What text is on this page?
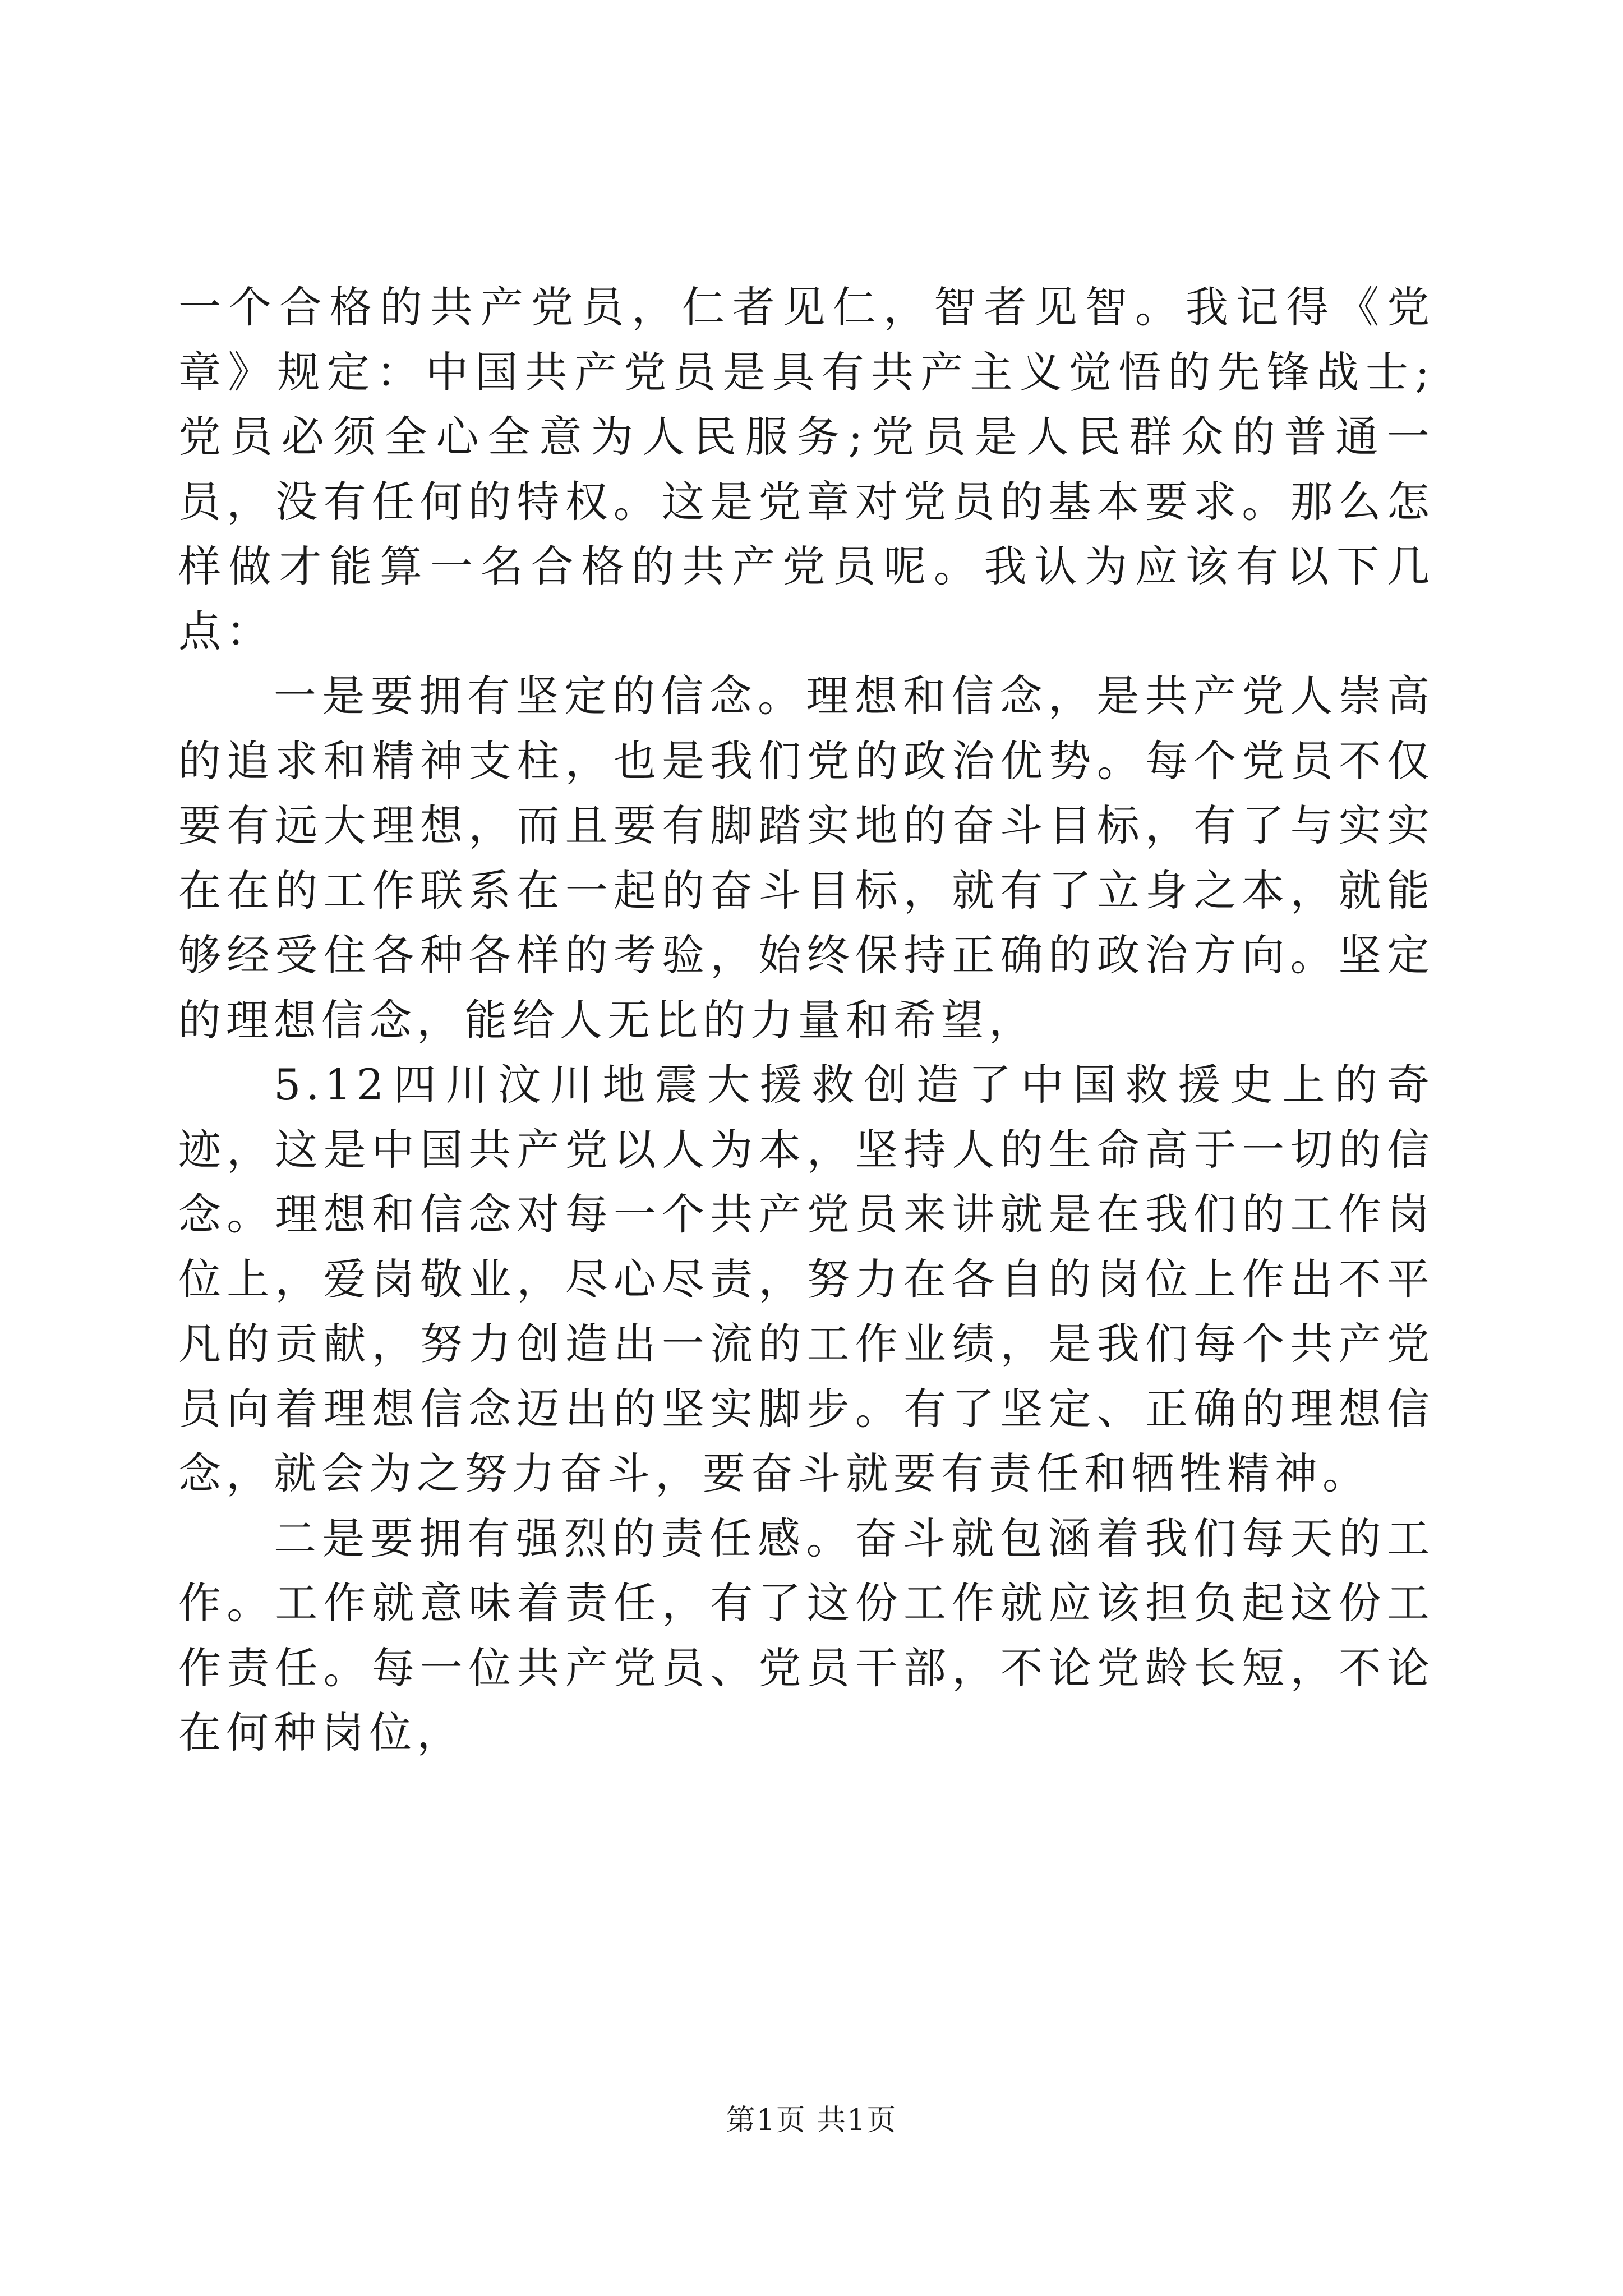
一个合格的共产党员，仁者见仁，智者见智。我记得《党章》规定：中国共产党员是具有共产主义觉悟的先锋战士;党员必须全心全意为人民服务;党员是人民群众的普通一员，没有任何的特权。这是党章对党员的基本要求。那么怎样做才能算一名合格的共产党员呢。我认为应该有以下几点：

一是要拥有坚定的信念。理想和信念，是共产党人崇高的追求和精神支柱，也是我们党的政治优势。每个党员不仅要有远大理想，而且要有脚踏实地的奋斗目标，有了与实实在在的工作联系在一起的奋斗目标，就有了立身之本，就能够经受住各种各样的考验，始终保持正确的政治方向。坚定的理想信念，能给人无比的力量和希望，

5.12四川汶川地震大援救创造了中国救援史上的奇迹，这是中国共产党以人为本，坚持人的生命高于一切的信念。理想和信念对每一个共产党员来讲就是在我们的工作岗位上，爱岗敬业，尽心尽责，努力在各自的岗位上作出不平凡的贡献，努力创造出一流的工作业绩，是我们每个共产党员向着理想信念迈出的坚实脚步。有了坚定、正确的理想信念，就会为之努力奋斗，要奋斗就要有责任和牺牲精神。

二是要拥有强烈的责任感。奋斗就包涵着我们每天的工作。工作就意味着责任，有了这份工作就应该担负起这份工作责任。每一位共产党员、党员干部，不论党龄长短，不论在何种岗位，

第1页 共1页
